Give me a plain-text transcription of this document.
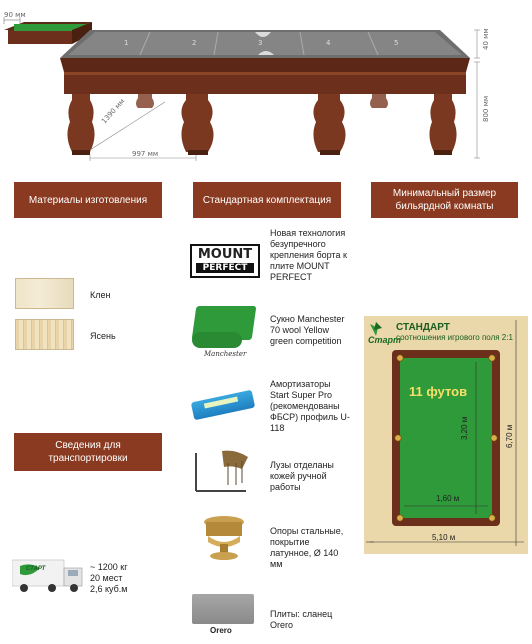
90 мм
1	2	3	4	5	40 мм
800 мм
1390 мм
997 мм
Материалы изготовления	Стандартная комплектация
Минимальный размер бильярдной комнаты
Сведения для транспортировки
Клен
Ясень
MOUNT
PERFECT
Новая технология безупречного крепления борта к плите MOUNT PERFECT
Manchester
Сукно Manchester 70 wool Yellow green competition
Амортизаторы Start Super Pro (рекомендованы ФБСР) профиль U-118
Лузы отделаны кожей ручной работы
Опоры стальные, покрытие латунное, Ø 140 мм
Orero
Плиты: сланец Orero
СТАРТ	~ 1200 кг
20 мест
2,6 куб.м
Старт
СТАНДАРТ
соотношения игрового поля 2:1
11 футов
3,20 м
1,60 м
6,70 м
5,10 м
